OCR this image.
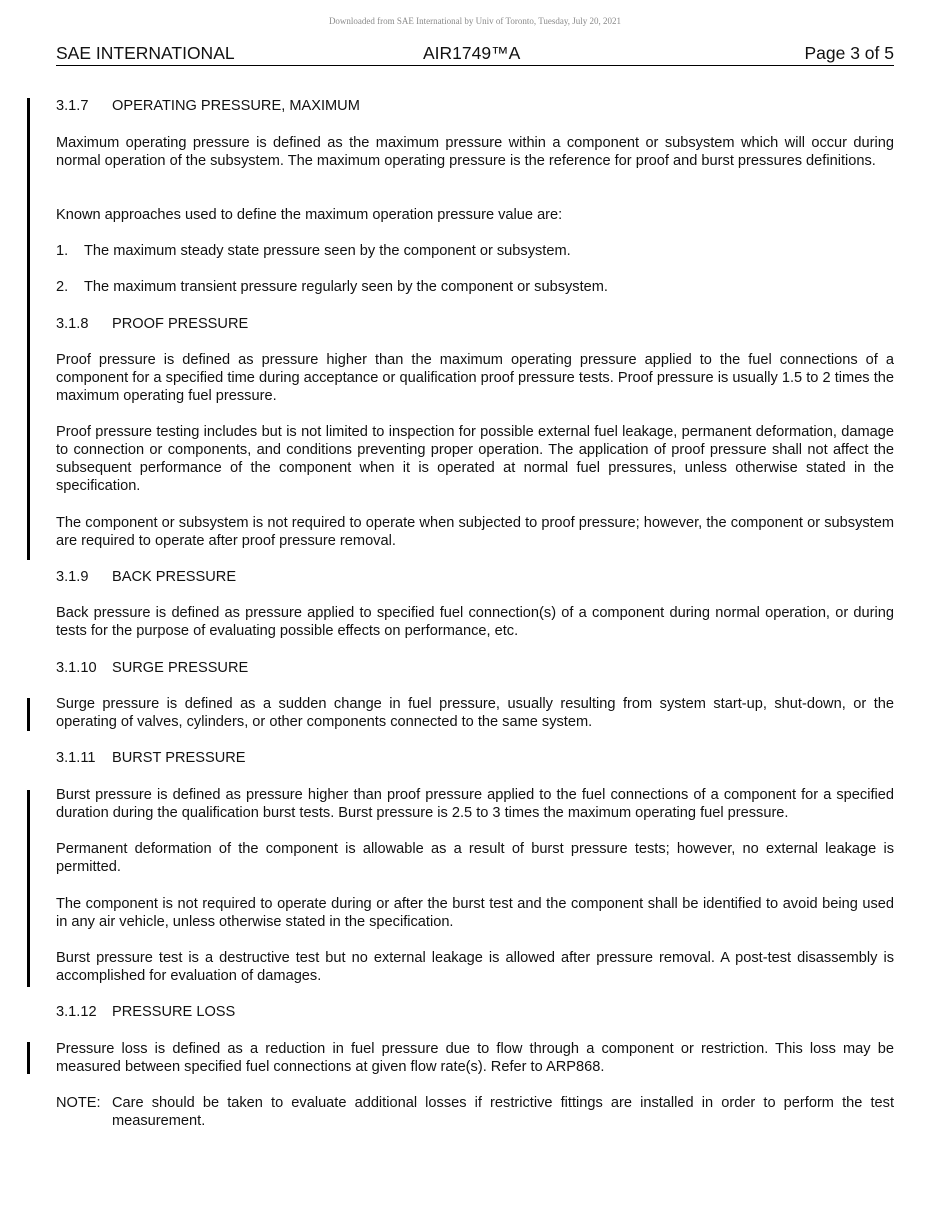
Downloaded from SAE International by Univ of Toronto, Tuesday, July 20, 2021
SAE INTERNATIONAL	AIR1749™A	Page 3 of 5
3.1.7 OPERATING PRESSURE, MAXIMUM

Maximum operating pressure is defined as the maximum pressure within a component or subsystem which will occur during normal operation of the subsystem. The maximum operating pressure is the reference for proof and burst pressures definitions.

Known approaches used to define the maximum operation pressure value are:

1. The maximum steady state pressure seen by the component or subsystem.
2. The maximum transient pressure regularly seen by the component or subsystem.
3.1.8 PROOF PRESSURE

Proof pressure is defined as pressure higher than the maximum operating pressure applied to the fuel connections of a component for a specified time during acceptance or qualification proof pressure tests. Proof pressure is usually 1.5 to 2 times the maximum operating fuel pressure.

Proof pressure testing includes but is not limited to inspection for possible external fuel leakage, permanent deformation, damage to connection or components, and conditions preventing proper operation. The application of proof pressure shall not affect the subsequent performance of the component when it is operated at normal fuel pressures, unless otherwise stated in the specification.

The component or subsystem is not required to operate when subjected to proof pressure; however, the component or subsystem are required to operate after proof pressure removal.

3.1.9 BACK PRESSURE

Back pressure is defined as pressure applied to specified fuel connection(s) of a component during normal operation, or during tests for the purpose of evaluating possible effects on performance, etc.

3.1.10 SURGE PRESSURE

Surge pressure is defined as a sudden change in fuel pressure, usually resulting from system start-up, shut-down, or the operating of valves, cylinders, or other components connected to the same system.

3.1.11 BURST PRESSURE

Burst pressure is defined as pressure higher than proof pressure applied to the fuel connections of a component for a specified duration during the qualification burst tests. Burst pressure is 2.5 to 3 times the maximum operating fuel pressure.

Permanent deformation of the component is allowable as a result of burst pressure tests; however, no external leakage is permitted.

The component is not required to operate during or after the burst test and the component shall be identified to avoid being used in any air vehicle, unless otherwise stated in the specification.

Burst pressure test is a destructive test but no external leakage is allowed after pressure removal. A post-test disassembly is accomplished for evaluation of damages.

3.1.12 PRESSURE LOSS

Pressure loss is defined as a reduction in fuel pressure due to flow through a component or restriction. This loss may be measured between specified fuel connections at given flow rate(s). Refer to ARP868.

NOTE: Care should be taken to evaluate additional losses if restrictive fittings are installed in order to perform the test measurement.
